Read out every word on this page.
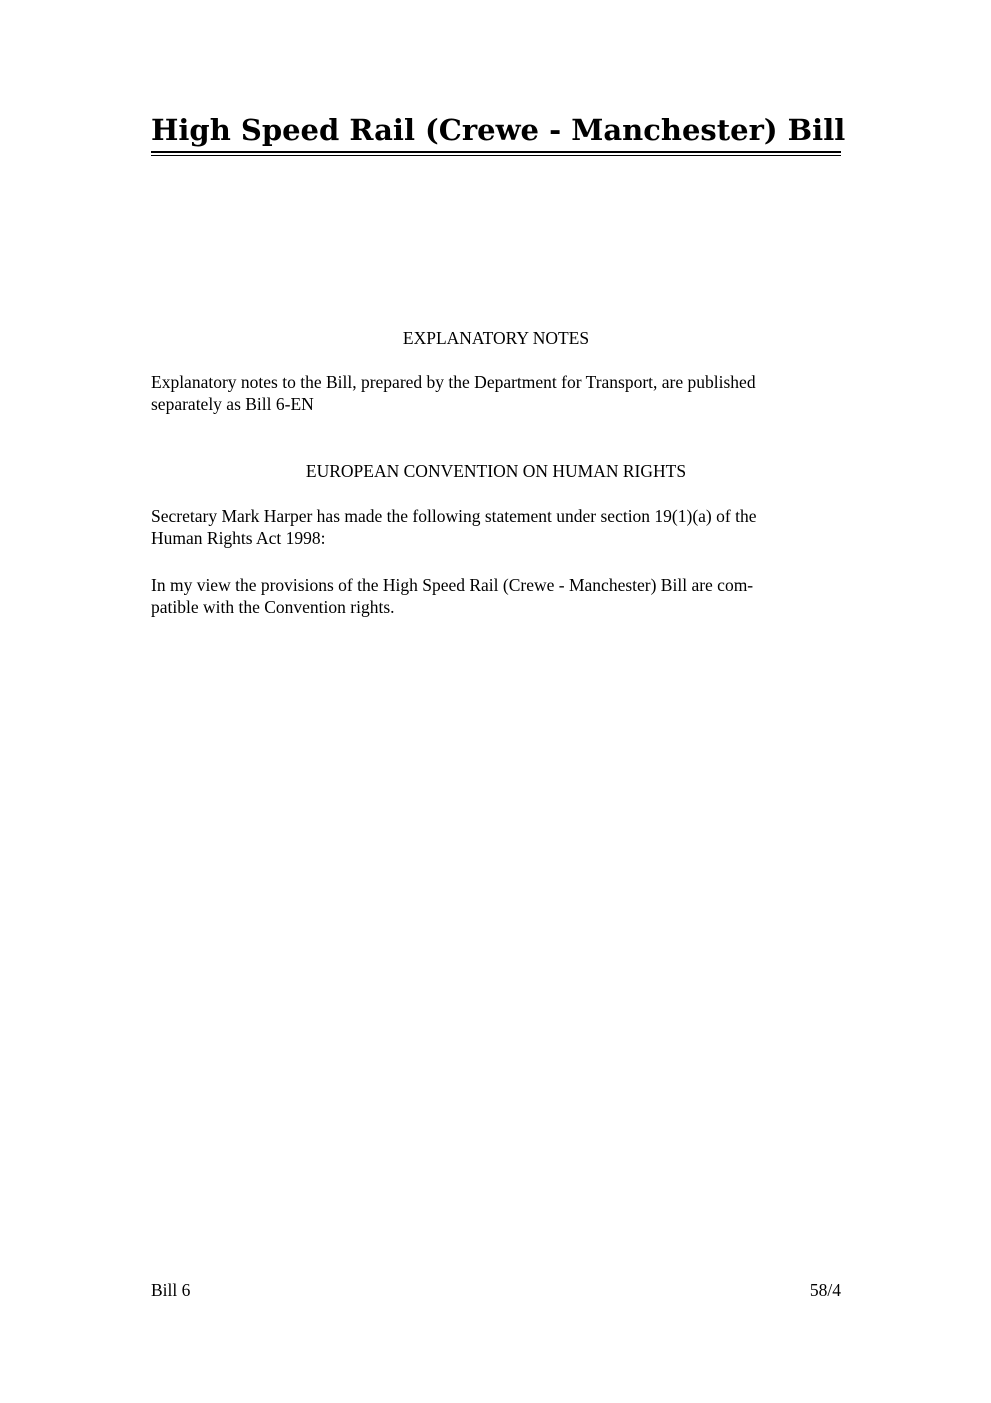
High Speed Rail (Crewe - Manchester) Bill
EXPLANATORY NOTES

Explanatory notes to the Bill, prepared by the Department for Transport, are published
separately as Bill 6-EN

EUROPEAN CONVENTION ON HUMAN RIGHTS

Secretary Mark Harper has made the following statement under section 19(1)(a) of the
Human Rights Act 1998:

In my view the provisions of the High Speed Rail (Crewe - Manchester) Bill are com-
patible with the Convention rights.

Bill 6	58/4
